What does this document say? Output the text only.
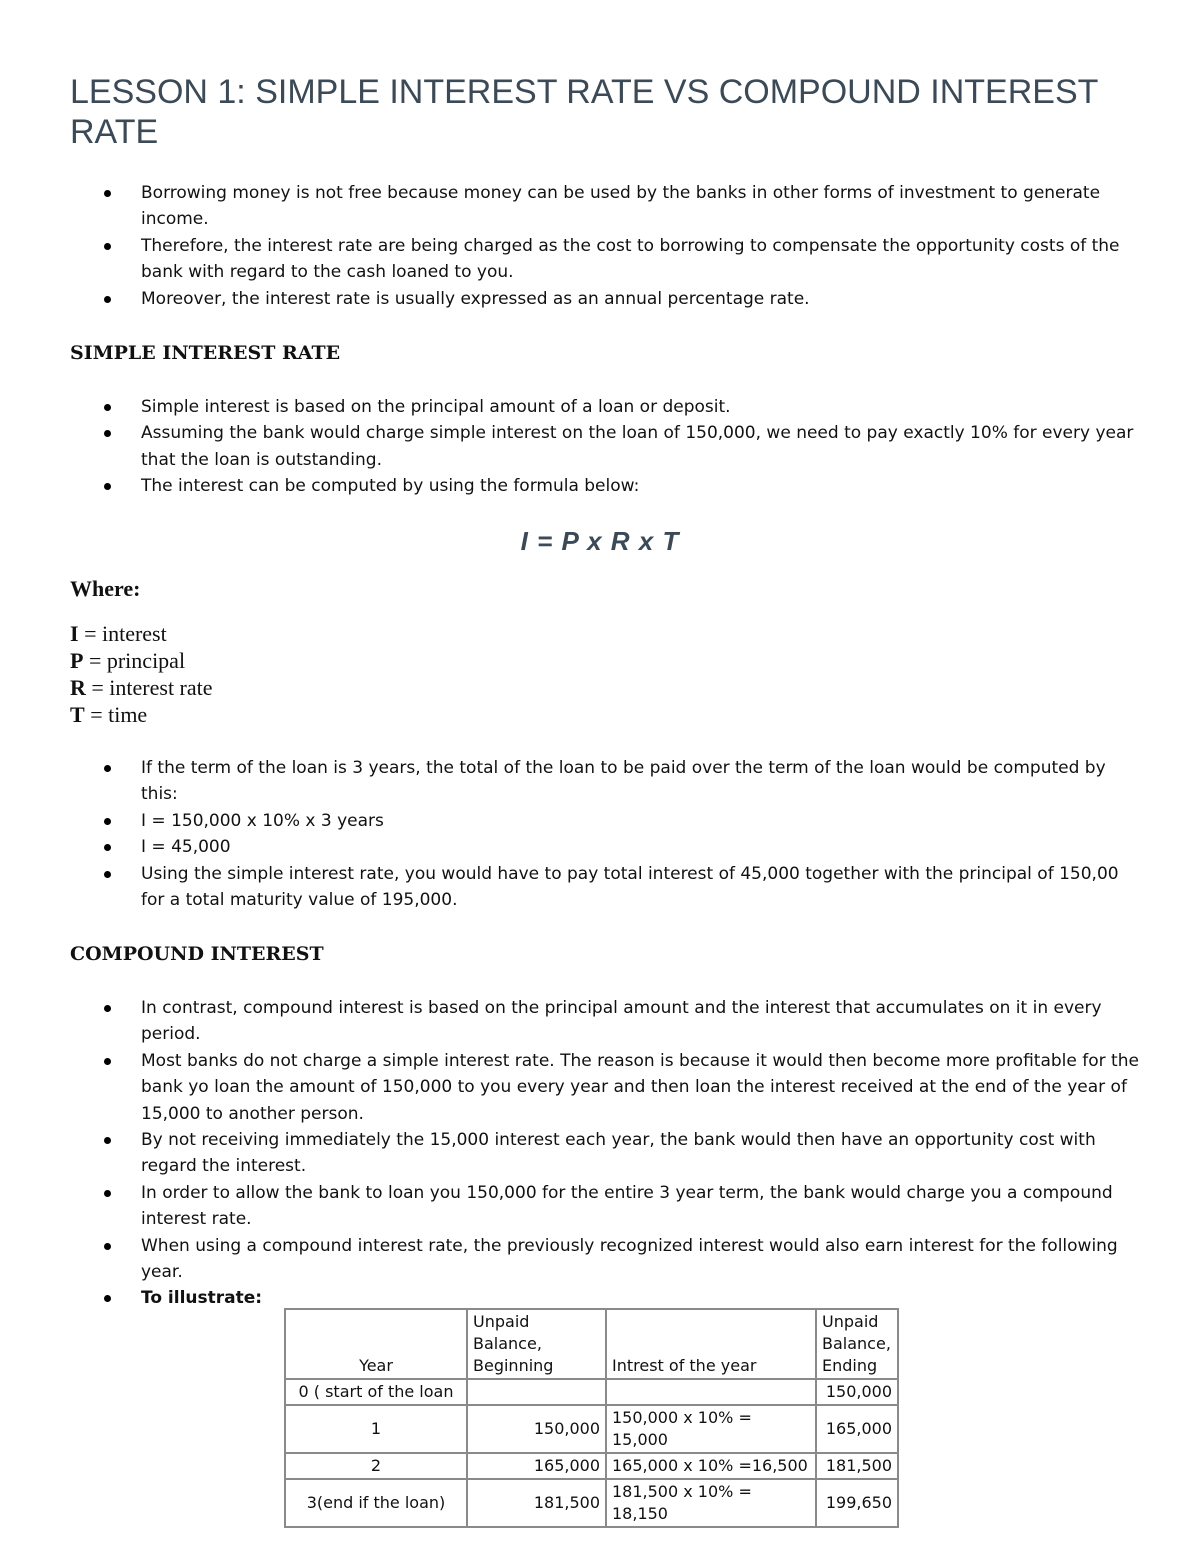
LESSON 1: SIMPLE INTEREST RATE VS COMPOUND INTEREST RATE
Borrowing money is not free because money can be used by the banks in other forms of investment to generate income.
Therefore, the interest rate are being charged as the cost to borrowing to compensate the opportunity costs of the bank with regard to the cash loaned to you.
Moreover, the interest rate is usually expressed as an annual percentage rate.
SIMPLE INTEREST RATE
Simple interest is based on the principal amount of a loan or deposit.
Assuming the bank would charge simple interest on the loan of 150,000, we need to pay exactly 10% for every year that the loan is outstanding.
The interest can be computed by using the formula below:
I = P x R x T
Where:
I = interest
P = principal
R = interest rate
T = time
If the term of the loan is 3 years, the total of the loan to be paid over the term of the loan would be computed by this:
I = 150,000 x 10% x 3 years
I = 45,000
Using the simple interest rate, you would have to pay total interest of 45,000 together with the principal of 150,00 for a total maturity value of 195,000.
COMPOUND INTEREST
In contrast, compound interest is based on the principal amount and the interest that accumulates on it in every period.
Most banks do not charge a simple interest rate. The reason is because it would then become more profitable for the bank yo loan the amount of 150,000 to you every year and then loan the interest received at the end of the year of 15,000 to another person.
By not receiving immediately the 15,000 interest each year, the bank would then have an opportunity cost with regard the interest.
In order to allow the bank to loan you 150,000 for the entire 3 year term, the bank would charge you a compound interest rate.
When using a compound interest rate, the previously recognized interest would also earn interest for the following year.
To illustrate:
Year	Unpaid Balance, Beginning	Intrest of the year	Unpaid Balance, Ending
0 ( start of the loan			150,000
1	150,000	150,000 x 10% = 15,000	165,000
2	165,000	165,000 x 10% =16,500	181,500
3(end if the loan)	181,500	181,500 x 10% = 18,150	199,650
